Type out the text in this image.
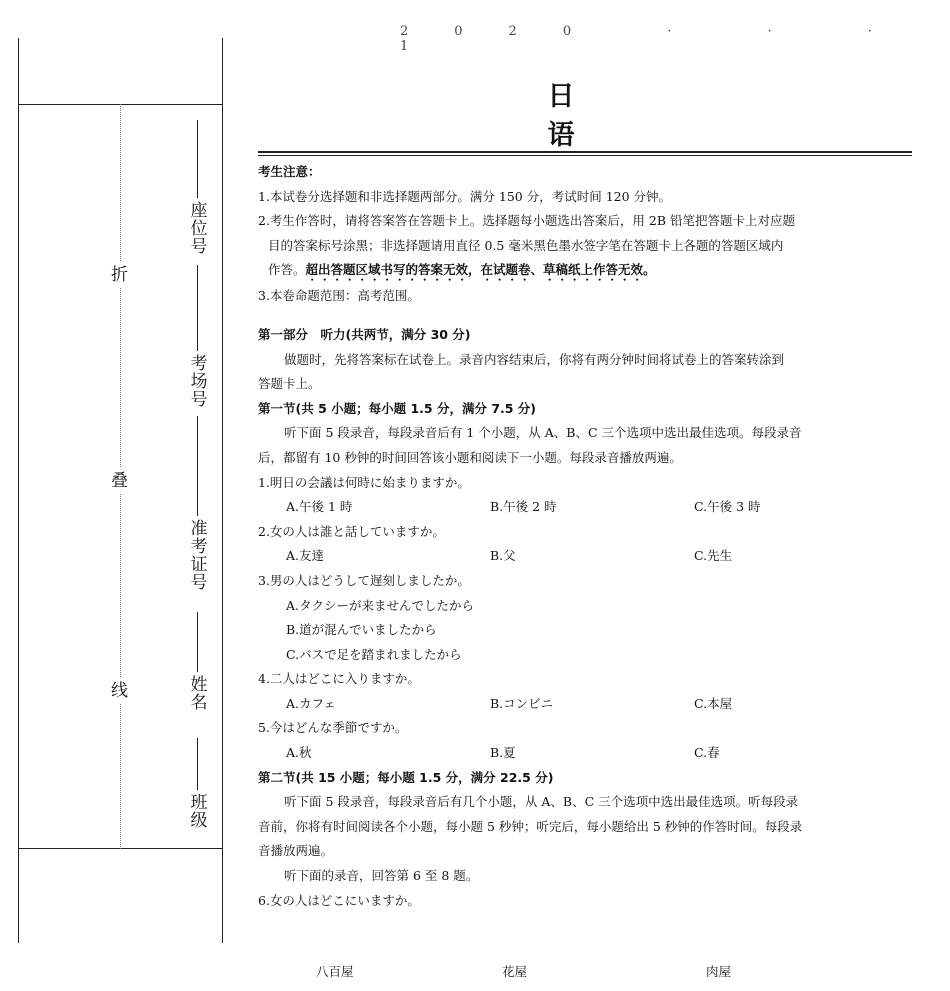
折
叠
线
座位号
考场号
准考证号
姓名
班级
2020 · · · 1
日　语
考生注意：
1.本试卷分选择题和非选择题两部分。满分 150 分，考试时间 120 分钟。
2.考生作答时，请将答案答在答题卡上。选择题每小题选出答案后，用 2B 铅笔把答题卡上对应题
目的答案标号涂黑；非选择题请用直径 0.5 毫米黑色墨水签字笔在答题卡上各题的答题区域内
作答。超出答题区域书写的答案无效，在试题卷、草稿纸上作答无效。
3.本卷命题范围：高考范围。
第一部分　听力(共两节，满分 30 分)
做题时，先将答案标在试卷上。录音内容结束后，你将有两分钟时间将试卷上的答案转涂到
答题卡上。
第一节(共 5 小题；每小题 1.5 分，满分 7.5 分)
听下面 5 段录音，每段录音后有 1 个小题，从 A、B、C 三个选项中选出最佳选项。每段录音
后，都留有 10 秒钟的时间回答该小题和阅读下一小题。每段录音播放两遍。
1.明日の会議は何時に始まりますか。
A.午後 1 時	B.午後 2 時	C.午後 3 時
2.女の人は誰と話していますか。
A.友達	B.父	C.先生
3.男の人はどうして遅刻しましたか。
A.タクシーが来ませんでしたから
B.道が混んでいましたから
C.バスで足を踏まれましたから
4.二人はどこに入りますか。
A.カフェ	B.コンビニ	C.本屋
5.今はどんな季節ですか。
A.秋	B.夏	C.春
第二节(共 15 小题；每小题 1.5 分，满分 22.5 分)
听下面 5 段录音，每段录音后有几个小题，从 A、B、C 三个选项中选出最佳选项。听每段录
音前，你将有时间阅读各个小题，每小题 5 秒钟；听完后，每小题给出 5 秒钟的作答时间。每段录
音播放两遍。
听下面的录音，回答第 6 至 8 题。
6.女の人はどこにいますか。
八百屋	花屋	肉屋
